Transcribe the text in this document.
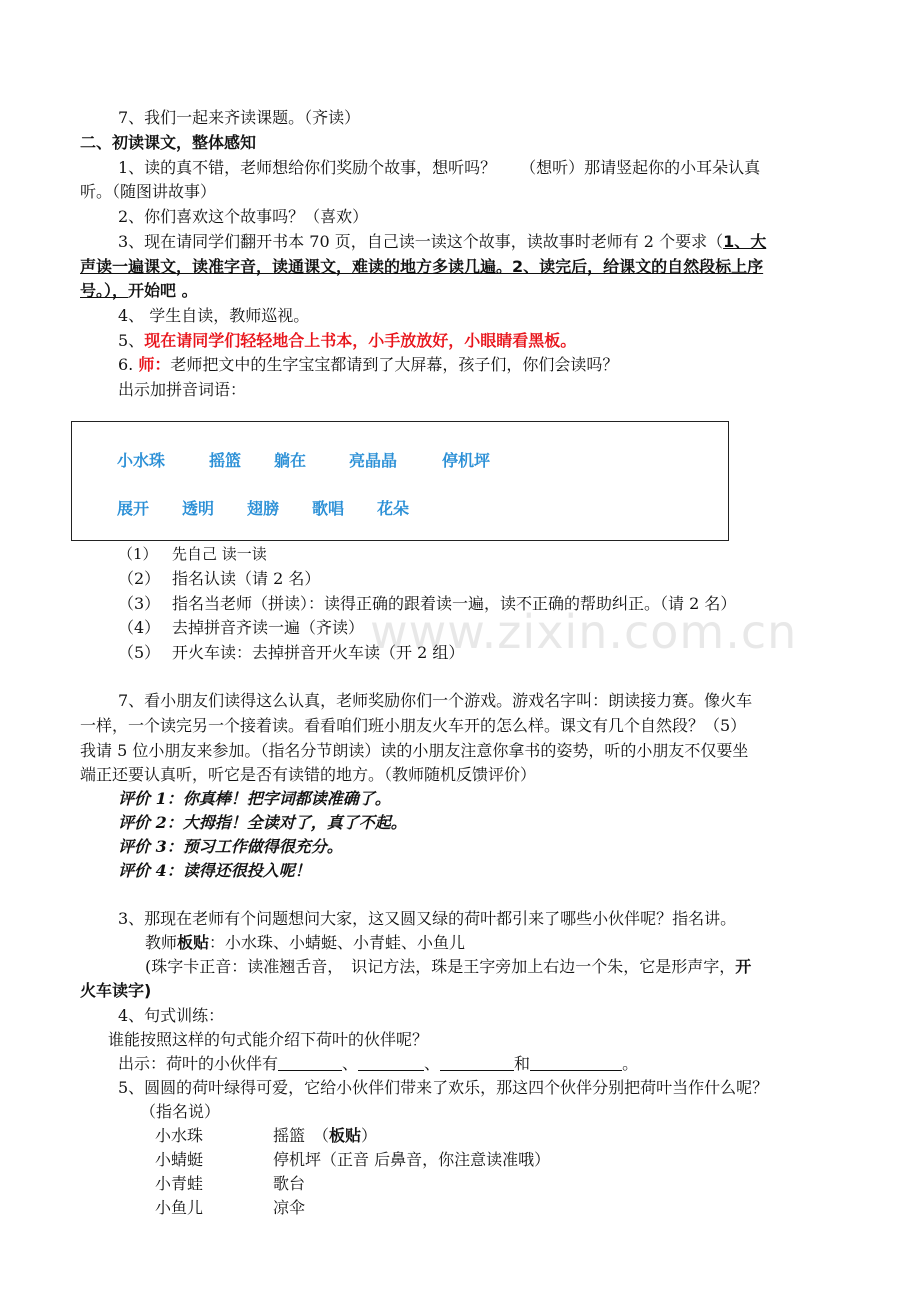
www.zixin.com.cn
7、我们一起来齐读课题。（齐读）
二、初读课文，整体感知
1、读的真不错，老师想给你们奖励个故事，想听吗？　　（想听）那请竖起你的小耳朵认真
听。（随图讲故事）
2、你们喜欢这个故事吗？（喜欢）
3、现在请同学们翻开书本 70 页，自己读一读这个故事，读故事时老师有 2 个要求（1、大
声读一遍课文，读准字音，读通课文，难读的地方多读几遍。2、读完后，给课文的自然段标上序
号。），开始吧 。
4、 学生自读，教师巡视。
5、现在请同学们轻轻地合上书本，小手放放好，小眼睛看黑板。
6. 师：老师把文中的生字宝宝都请到了大屏幕，孩子们，你们会读吗？
出示加拼音词语：
小水珠	摇篮 躺在	亮晶晶	停机坪
展开 透明 翅膀 歌唱 花朵
（1） 先自己 读一读
（2） 指名认读（请 2 名）
（3） 指名当老师（拼读）：读得正确的跟着读一遍，读不正确的帮助纠正。（请 2 名）
（4） 去掉拼音齐读一遍（齐读）
（5） 开火车读：去掉拼音开火车读（开 2 组）
7、看小朋友们读得这么认真，老师奖励你们一个游戏。游戏名字叫：朗读接力赛。像火车
一样，一个读完另一个接着读。看看咱们班小朋友火车开的怎么样。课文有几个自然段？（5）
我请 5 位小朋友来参加。（指名分节朗读）读的小朋友注意你拿书的姿势，听的小朋友不仅要坐
端正还要认真听，听它是否有读错的地方。（教师随机反馈评价）
评价 1：你真棒！把字词都读准确了。
评价 2：大拇指！全读对了，真了不起。
评价 3：预习工作做得很充分。
评价 4：读得还很投入呢！
3、那现在老师有个问题想问大家，这又圆又绿的荷叶都引来了哪些小伙伴呢？指名讲。
教师板贴：小水珠、小蜻蜓、小青蛙、小鱼儿
(珠字卡正音：读准翘舌音，　识记方法，珠是王字旁加上右边一个朱，它是形声字，开
火车读字)
4、句式训练：
谁能按照这样的句式能介绍下荷叶的伙伴呢？
出示：荷叶的小伙伴有	、	、	和	。
5、圆圆的荷叶绿得可爱，它给小伙伴们带来了欢乐，那这四个伙伴分别把荷叶当作什么呢？
（指名说）
小水珠	摇篮　（板贴）
小蜻蜓	停机坪（正音 后鼻音，你注意读准哦）
小青蛙	歌台
小鱼儿	凉伞
